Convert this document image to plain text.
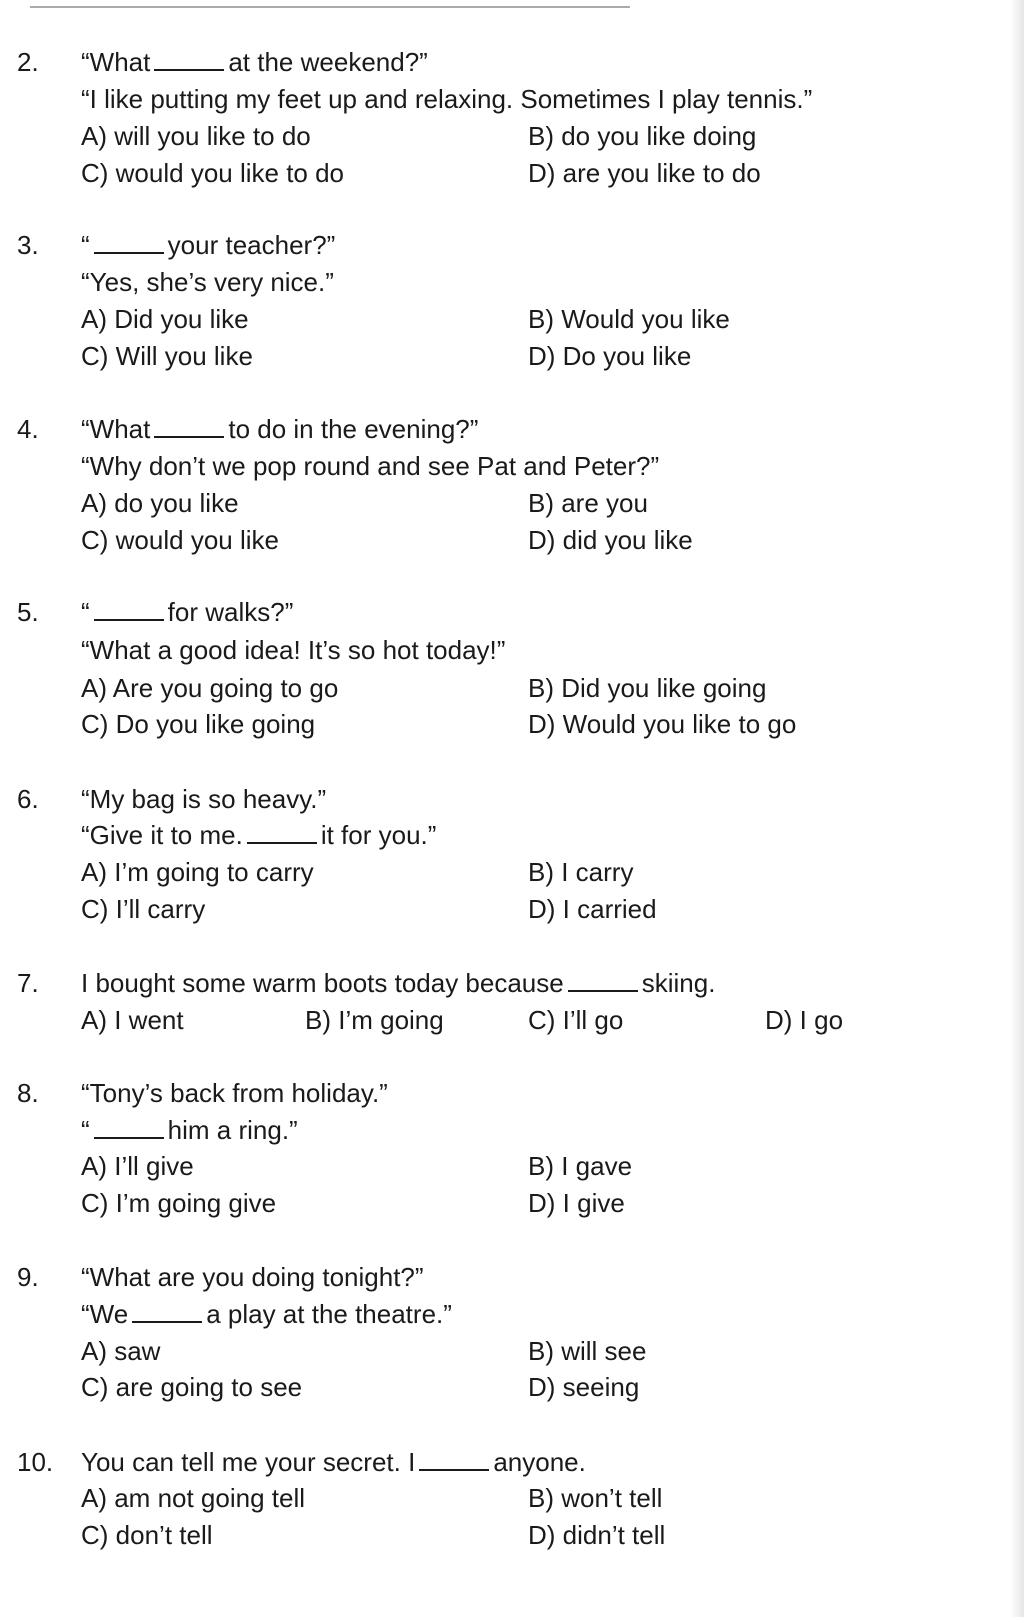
2. “What	at the weekend?”
“I like putting my feet up and relaxing. Sometimes I play tennis.”
A) will you like to do	B) do you like doing
C) would you like to do	D) are you like to do
3. “	your teacher?”
“Yes, she’s very nice.”
A) Did you like	B) Would you like
C) Will you like	D) Do you like
4. “What	to do in the evening?”
“Why don’t we pop round and see Pat and Peter?”
A) do you like	B) are you
C) would you like	D) did you like
5. “	for walks?”
“What a good idea! It’s so hot today!”
A) Are you going to go	B) Did you like going
C) Do you like going	D) Would you like to go
6. “My bag is so heavy.”
“Give it to me.	it for you.”
A) I’m going to carry	B) I carry
C) I’ll carry	D) I carried
7. I bought some warm boots today because	skiing.
A) I went	B) I’m going	C) I’ll go	D) I go
8. “Tony’s back from holiday.”
“	him a ring.”
A) I’ll give	B) I gave
C) I’m going give	D) I give
9. “What are you doing tonight?”
“We	a play at the theatre.”
A) saw	B) will see
C) are going to see	D) seeing
10. You can tell me your secret. I	anyone.
A) am not going tell	B) won’t tell
C) don’t tell	D) didn’t tell
